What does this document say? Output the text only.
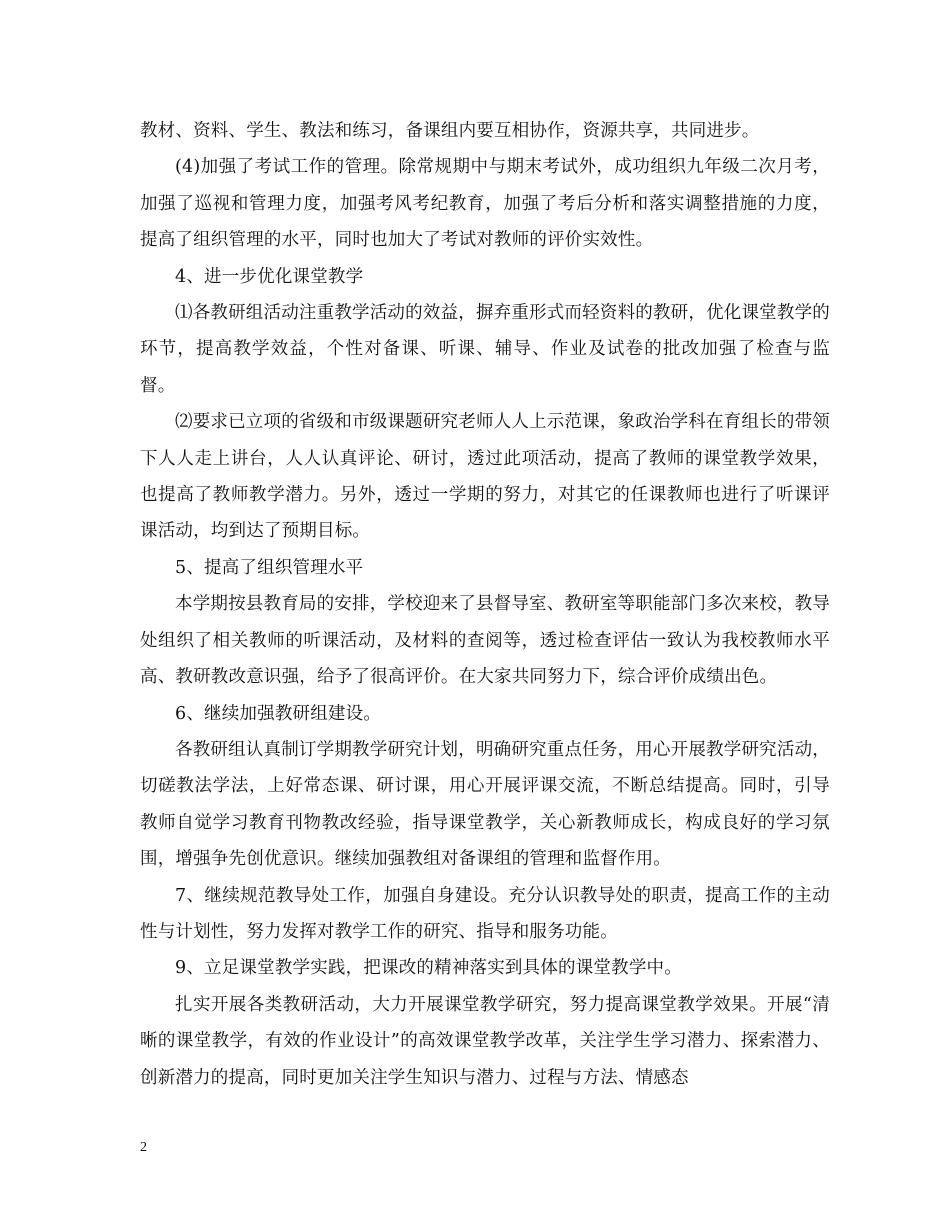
教材、资料、学生、教法和练习，备课组内要互相协作，资源共享，共同进步。

(4)加强了考试工作的管理。除常规期中与期末考试外，成功组织九年级二次月考，加强了巡视和管理力度，加强考风考纪教育，加强了考后分析和落实调整措施的力度，提高了组织管理的水平，同时也加大了考试对教师的评价实效性。

4、进一步优化课堂教学

⑴各教研组活动注重教学活动的效益，摒弃重形式而轻资料的教研，优化课堂教学的环节，提高教学效益，个性对备课、听课、辅导、作业及试卷的批改加强了检查与监督。

⑵要求已立项的省级和市级课题研究老师人人上示范课，象政治学科在育组长的带领下人人走上讲台，人人认真评论、研讨，透过此项活动，提高了教师的课堂教学效果，也提高了教师教学潜力。另外，透过一学期的努力，对其它的任课教师也进行了听课评课活动，均到达了预期目标。

5、提高了组织管理水平

本学期按县教育局的安排，学校迎来了县督导室、教研室等职能部门多次来校，教导处组织了相关教师的听课活动，及材料的查阅等，透过检查评估一致认为我校教师水平高、教研教改意识强，给予了很高评价。在大家共同努力下，综合评价成绩出色。

6、继续加强教研组建设。

各教研组认真制订学期教学研究计划，明确研究重点任务，用心开展教学研究活动，切磋教法学法，上好常态课、研讨课，用心开展评课交流，不断总结提高。同时，引导教师自觉学习教育刊物教改经验，指导课堂教学，关心新教师成长，构成良好的学习氛围，增强争先创优意识。继续加强教组对备课组的管理和监督作用。

7、继续规范教导处工作，加强自身建设。充分认识教导处的职责，提高工作的主动性与计划性，努力发挥对教学工作的研究、指导和服务功能。

9、立足课堂教学实践，把课改的精神落实到具体的课堂教学中。

扎实开展各类教研活动，大力开展课堂教学研究，努力提高课堂教学效果。开展“清晰的课堂教学，有效的作业设计”的高效课堂教学改革，关注学生学习潜力、探索潜力、创新潜力的提高，同时更加关注学生知识与潜力、过程与方法、情感态

2
